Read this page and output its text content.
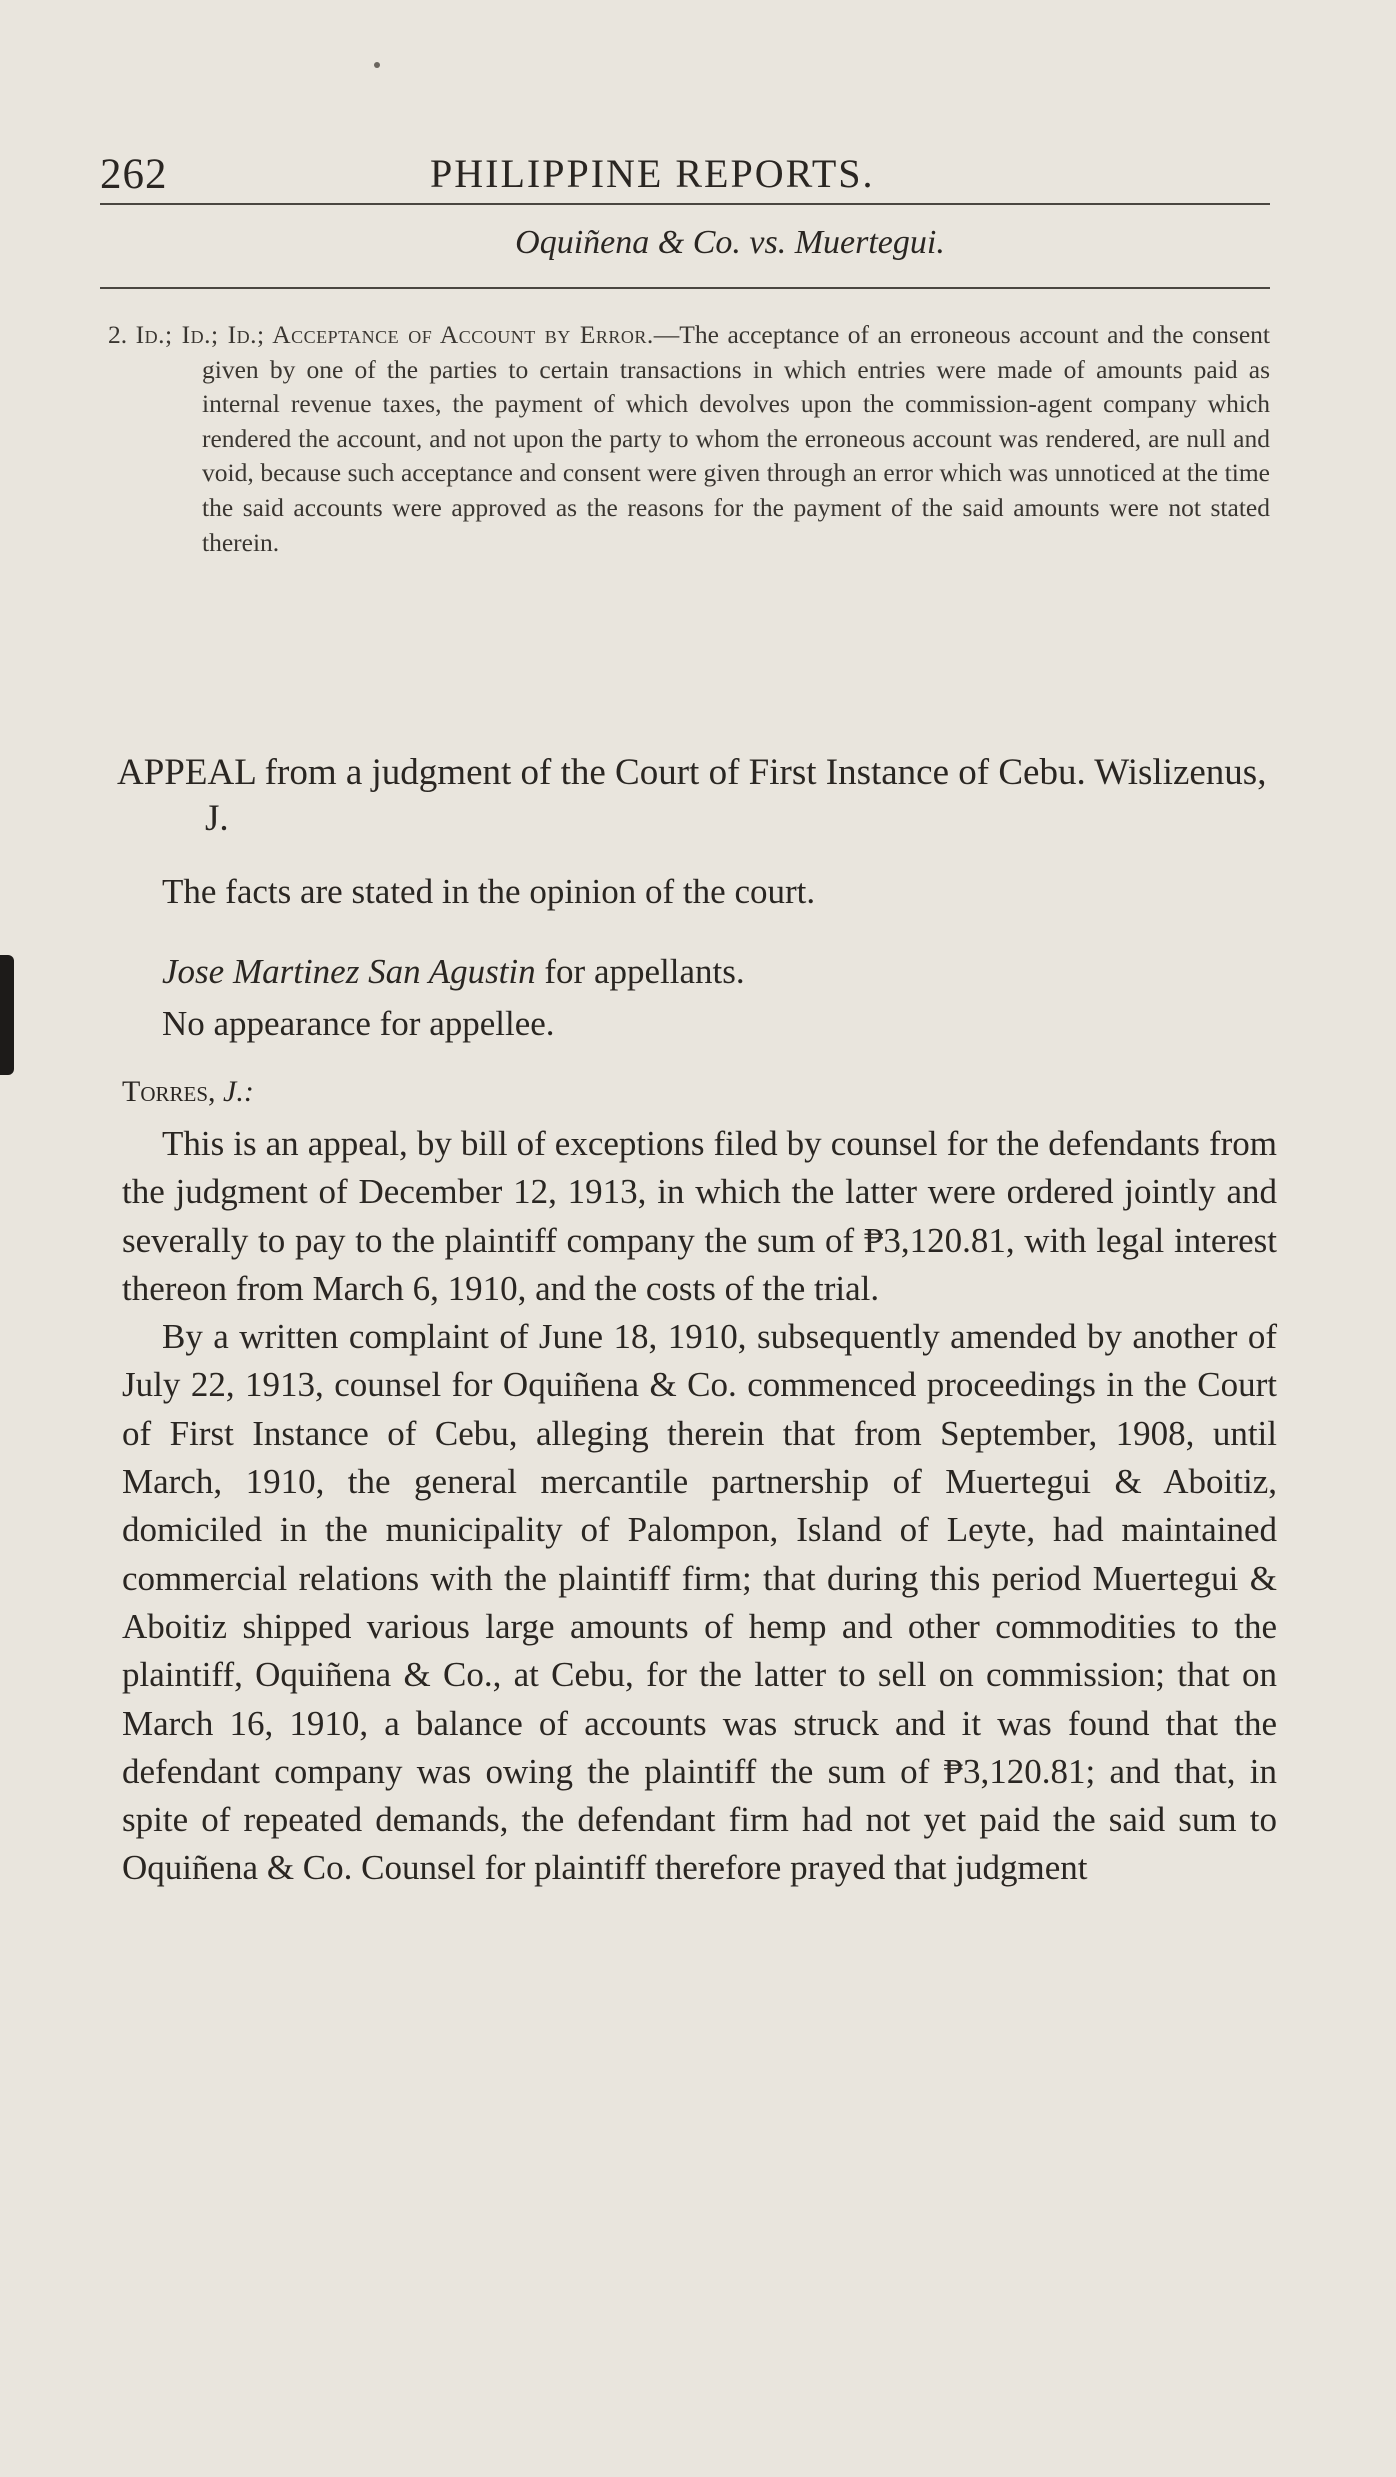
262	PHILIPPINE REPORTS.
Oquiñena & Co. vs. Muertegui.
2. Id.; Id.; Id.; Acceptance of Account by Error.—The acceptance of an erroneous account and the consent given by one of the parties to certain transactions in which entries were made of amounts paid as internal revenue taxes, the payment of which devolves upon the commission-agent company which rendered the account, and not upon the party to whom the erroneous account was rendered, are null and void, because such acceptance and consent were given through an error which was unnoticed at the time the said accounts were approved as the reasons for the payment of the said amounts were not stated therein.
APPEAL from a judgment of the Court of First Instance of Cebu. Wislizenus, J.
The facts are stated in the opinion of the court.
Jose Martinez San Agustin for appellants.
No appearance for appellee.
Torres, J.:

This is an appeal, by bill of exceptions filed by counsel for the defendants from the judgment of December 12, 1913, in which the latter were ordered jointly and severally to pay to the plaintiff company the sum of ₱3,120.81, with legal interest thereon from March 6, 1910, and the costs of the trial.

By a written complaint of June 18, 1910, subsequently amended by another of July 22, 1913, counsel for Oquiñena & Co. commenced proceedings in the Court of First Instance of Cebu, alleging therein that from September, 1908, until March, 1910, the general mercantile partnership of Muertegui & Aboitiz, domiciled in the municipality of Palompon, Island of Leyte, had maintained commercial relations with the plaintiff firm; that during this period Muertegui & Aboitiz shipped various large amounts of hemp and other commodities to the plaintiff, Oquiñena & Co., at Cebu, for the latter to sell on commission; that on March 16, 1910, a balance of accounts was struck and it was found that the defendant company was owing the plaintiff the sum of ₱3,120.81; and that, in spite of repeated demands, the defendant firm had not yet paid the said sum to Oquiñena & Co. Counsel for plaintiff therefore prayed that judgment
